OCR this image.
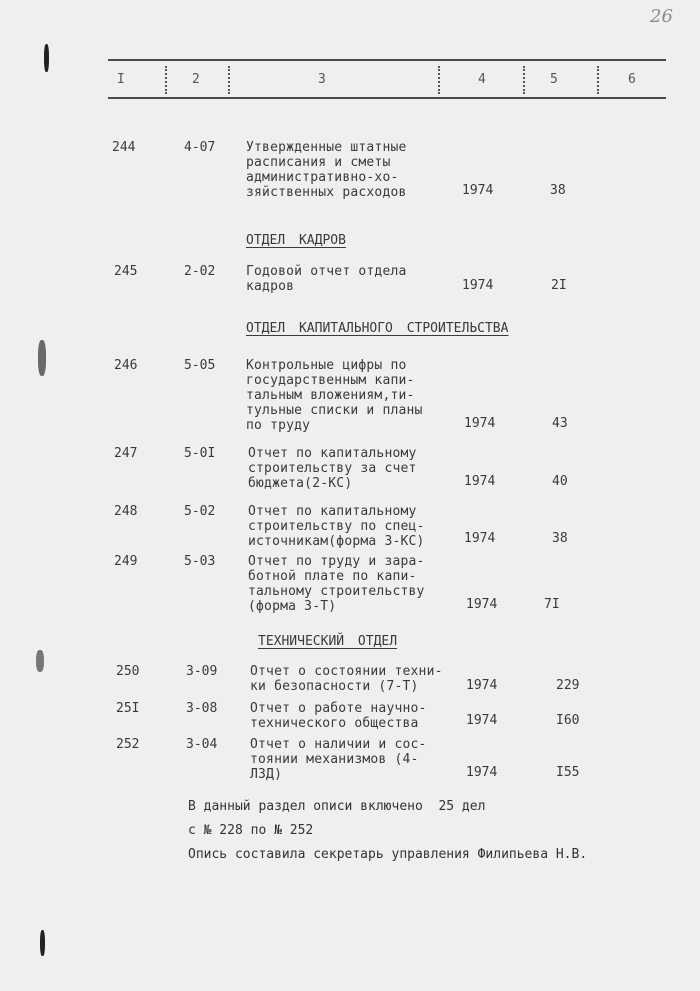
26
I	2	3	4	5	6
244	4-07 Утвержденные штатные
расписания и сметы
административно-хо-
зяйственных расходов	1974	38
ОТДЕЛ КАДРОВ
245	2-02 Годовой отчет отдела
кадров	1974	2I
ОТДЕЛ КАПИТАЛЬНОГО СТРОИТЕЛЬСТВА
246	5-05 Контрольные цифры по
государственным капи-
тальным вложениям,ти-
тульные списки и планы
по труду	1974	43
247	5-0I	Отчет по капитальному
строительству за счет
бюджета(2-КС)	1974	40
248	5-02	Отчет по капитальному
строительству по спец-
источникам(форма 3-КС)	1974	38
249	5-03	Отчет по труду и зара-
ботной плате по капи-
тальному строительству
(форма 3-Т)	1974	7I
ТЕХНИЧЕСКИЙ ОТДЕЛ
250	3-09	Отчет о состоянии техни-
ки безопасности (7-Т)	1974	229
25I	3-08	Отчет о работе научно-
технического общества	1974	I60
252	3-04	Отчет о наличии и сос-
тоянии механизмов (4-
ЛЗД)	1974	I55
В данный раздел описи включено  25 дел
с № 228 по № 252
Опись составила секретарь управления Филипьева Н.В.
